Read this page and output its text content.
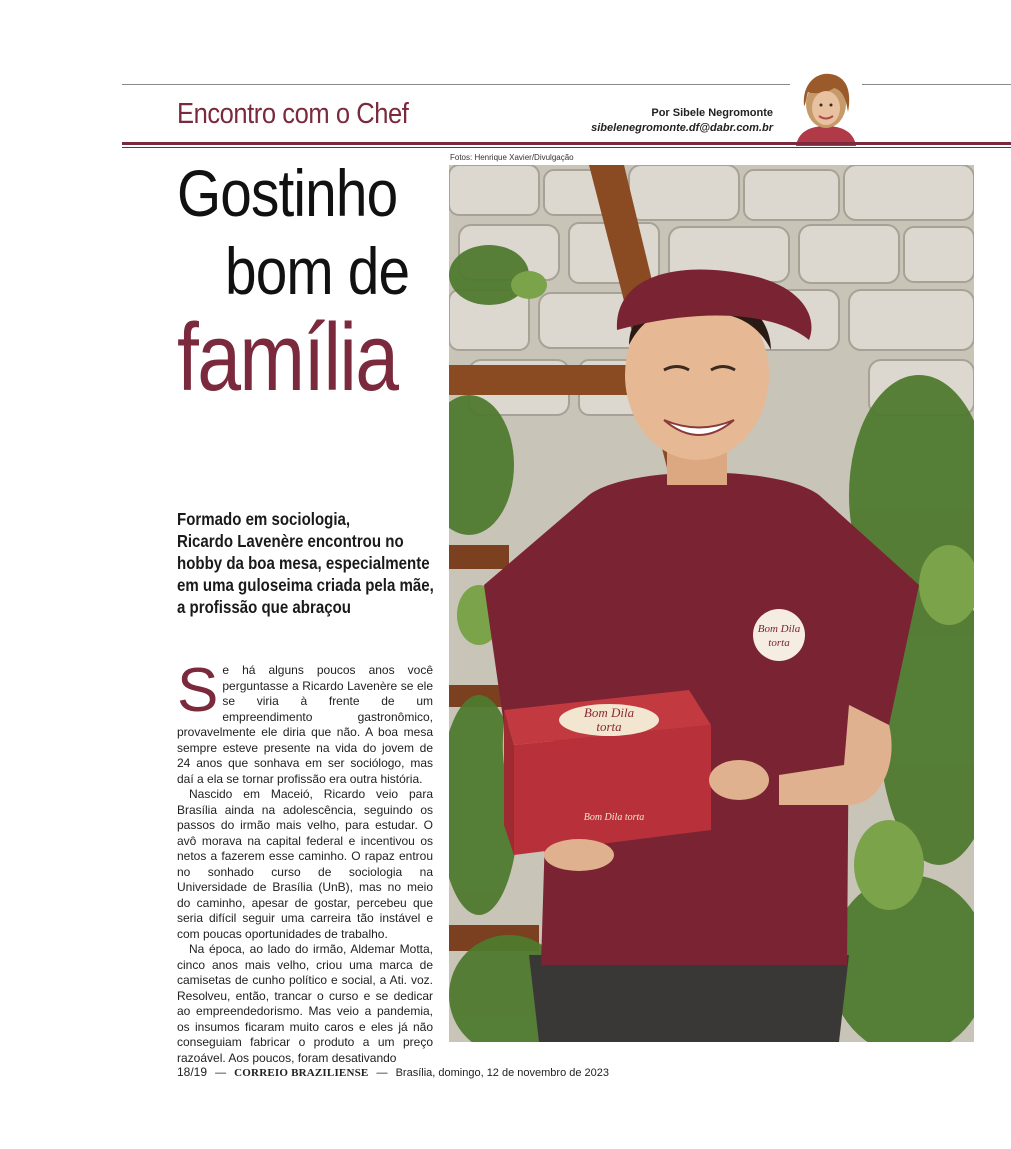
Encontro com o Chef	Por Sibele Negromonte
sibelenegromonte.df@dabr.com.br
Fotos: Henrique Xavier/Divulgação
Gostinho
bom de
família
Formado em sociologia,
Ricardo Lavenère encontrou no
hobby da boa mesa, especialmente
em uma guloseima criada pela mãe,
a profissão que abraçou

Se há alguns poucos anos você perguntasse a Ricardo Lavenère se ele se viria à frente de um empreendimento gastronômico, provavelmente ele diria que não. A boa mesa sempre esteve presente na vida do jovem de 24 anos que sonhava em ser sociólogo, mas daí a ela se tornar profissão era outra história.

Nascido em Maceió, Ricardo veio para Brasília ainda na adolescência, seguindo os passos do irmão mais velho, para estudar. O avô morava na capital federal e incentivou os netos a fazerem esse caminho. O rapaz entrou no sonhado curso de sociologia na Universidade de Brasília (UnB), mas no meio do caminho, apesar de gostar, percebeu que seria difícil seguir uma carreira tão instável e com poucas oportunidades de trabalho.

Na época, ao lado do irmão, Aldemar Motta, cinco anos mais velho, criou uma marca de camisetas de cunho político e social, a Ati. voz. Resolveu, então, trancar o curso e se dedicar ao empreendedorismo. Mas veio a pandemia, os insumos ficaram muito caros e eles já não conseguiam fabricar o produto a um preço razoável. Aos poucos, foram desativando

Bom Dila
torta
Bom Dila
torta
Bom Dila torta
18/19 — CORREIO BRAZILIENSE — Brasília, domingo, 12 de novembro de 2023
